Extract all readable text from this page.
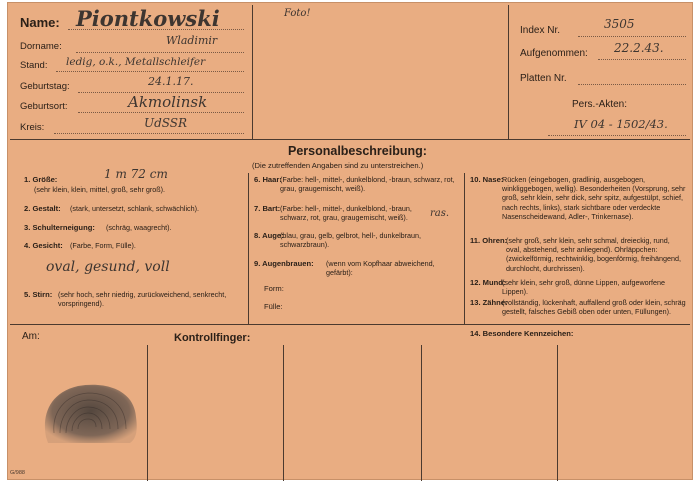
Name: Piontkowski
Dorname:	Wladimir
Stand: ledig, o.k., Metallschleifer
Geburtstag:	24.1.17.
Geburtsort:	Akmolinsk
Kreis:	UdSSR
Foto!
Index Nr.	3505
Aufgenommen: 22.2.43.
Platten Nr.
Pers.-Akten:
IV 04 - 1502/43.
Personalbeschreibung:
(Die zutreffenden Angaben sind zu unterstreichen.)
1. Größe:	1 m 72 cm
(sehr klein, klein, mittel, groß, sehr groß).
2. Gestalt: (stark, untersetzt, schlank, schwächlich).
3. Schulterneigung: (schräg, waagrecht).
4. Gesicht: (Farbe, Form, Fülle).
oval, gesund, voll
5. Stirn: (sehr hoch, sehr niedrig, zurückweichend, senkrecht, vorspringend).
6. Haar:
(Farbe: hell-, mittel-, dunkelblond, -braun, schwarz, rot, grau, graugemischt, weiß).
7. Bart: (Farbe: hell-, mittel-, dunkelblond, -braun, schwarz, rot, grau, graugemischt, weiß).	ras.
8. Auge:
(blau, grau, gelb, gelbrot, hell-, dunkelbraun, schwarzbraun).
9. Augenbrauen: (wenn vom Kopfhaar abweichend, gefärbt):
Form:
Fülle:
10. Nase:
Rücken (eingebogen, gradlinig, ausgebogen, winkliggebogen, wellig). Besonderheiten (Vorsprung, sehr groß, sehr klein, sehr dick, sehr spitz, aufgestülpt, schief, nach rechts, links), stark sichtbare oder verdeckte Nasenscheidewand, Adler-, Trinkernase).
11. Ohren:
(sehr groß, sehr klein, sehr schmal, dreieckig, rund, oval, abstehend, sehr anliegend). Ohrläppchen: (zwickelförmig, rechtwinklig, bogenförmig, freihängend, durchlocht, durchrissen).
12. Mund:
(sehr klein, sehr groß, dünne Lippen, aufgeworfene Lippen).
13. Zähne:
(vollständig, lückenhaft, auffallend groß oder klein, schräg gestellt, falsches Gebiß oben oder unten, Füllungen).
14. Besondere Kennzeichen:
Am:	Kontrollfinger:
G/988
